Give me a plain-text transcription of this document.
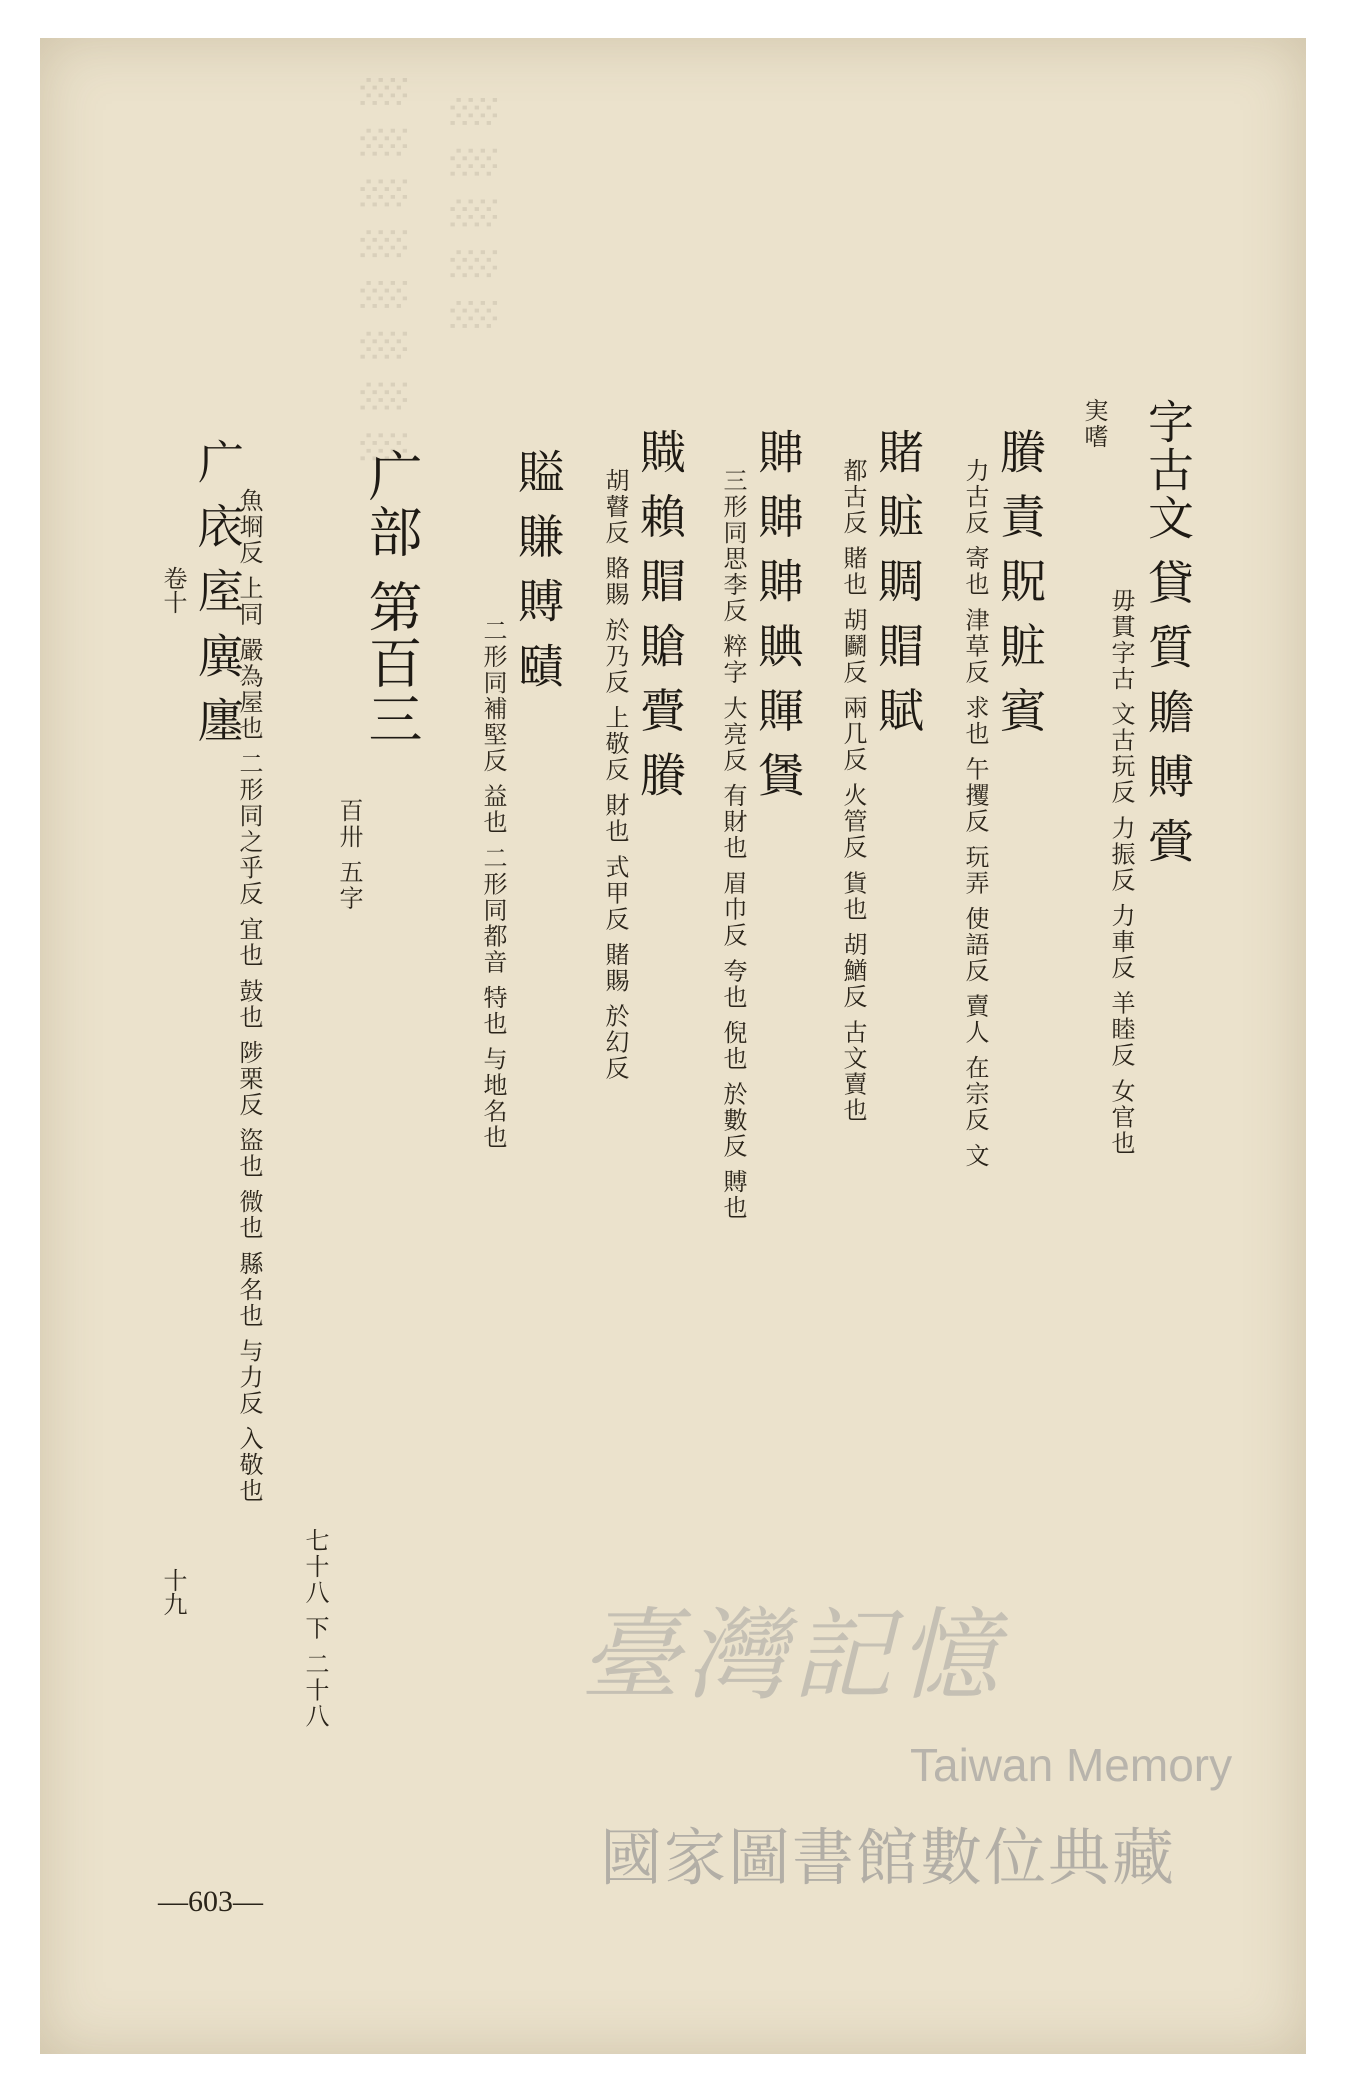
░░░░░░░░ ░░░░░
実嗜 字古文 貸 質 贍 賻 賫
毋貫字古 文古玩反 力振反 力車反 羊睦反 女官也
賸 責 貺 賍 賓
力古反 寄也 津草反 求也 午攫反 玩弄 使語反 賣人 在宗反 文
賭 賘 賙 賵 賦
都古反 賭也 胡鬬反 兩几反 火管反 貨也 胡鰌反 古文賣也
賗 賗 賗 賟 賱 賲
三形同思李反 粹字 大亮反 有財也 眉巾反 夸也 倪也 於數反 賻也
賳 賴 賵 賶 賷 賸
胡瞽反 賂賜 於乃反 上敬反 財也 式甲反 賭賜 於幻反
賹 賺 賻 賾
二形同補堅反 益也 二形同都音 特也 与地名也
广部 第百三
百卅 五字
七十八 下 二十八
广 庡 庢 廙 廛
魚埛反 上同 嚴為屋也 二形同之乎反 宜也 鼓也 陟栗反 盜也 微也 縣名也 与力反 入敬也
卷十
十九
臺灣記憶
Taiwan Memory
國家圖書館數位典藏
—603—
